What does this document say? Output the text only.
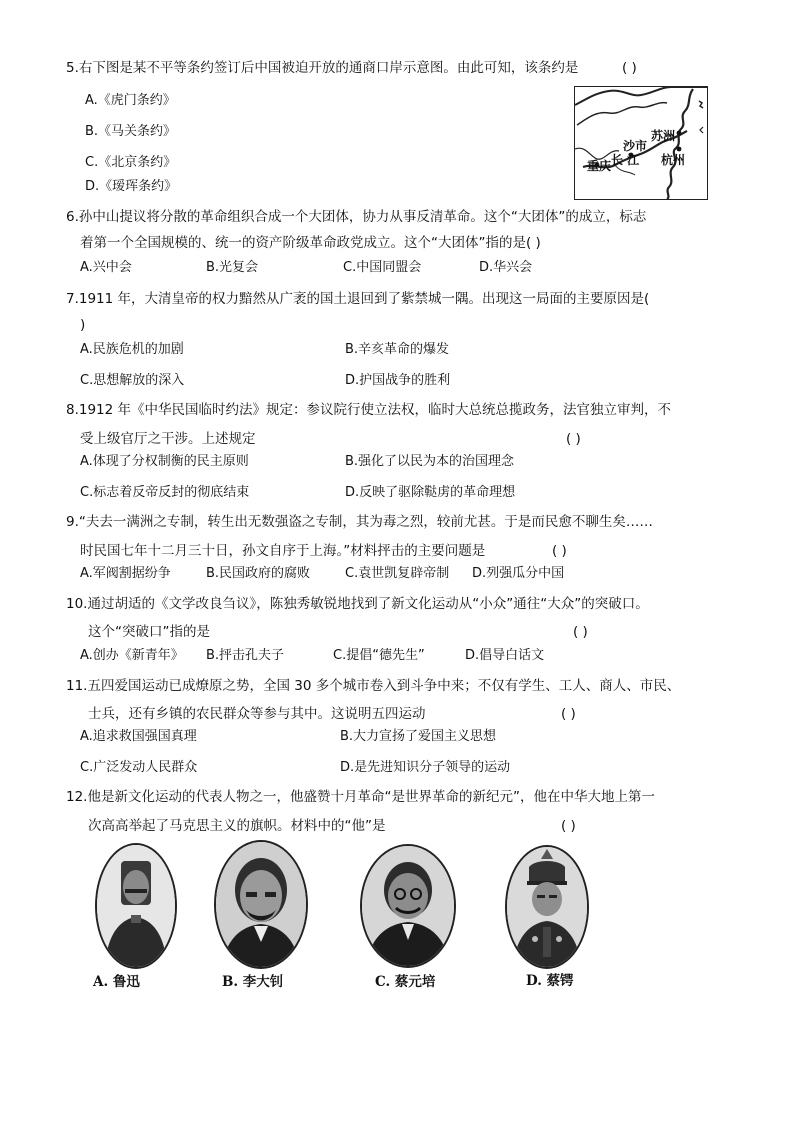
5.右下图是某不平等条约签订后中国被迫开放的通商口岸示意图。由此可知，该条约是	( )
A.《虎门条约》
B.《马关条约》
C.《北京条约》
D.《瑷珲条约》
苏洲
沙市
重庆 长 江 杭州
6.孙中山提议将分散的革命组织合成一个大团体，协力从事反清革命。这个“大团体”的成立，标志
着第一个全国规模的、统一的资产阶级革命政党成立。这个“大团体”指的是( )
A.兴中会	B.光复会	C.中国同盟会	D.华兴会
7.1911 年，大清皇帝的权力黯然从广袤的国土退回到了紫禁城一隅。出现这一局面的主要原因是(
)
A.民族危机的加剧	B.辛亥革命的爆发
C.思想解放的深入	D.护国战争的胜利
8.1912 年《中华民国临时约法》规定：参议院行使立法权，临时大总统总揽政务，法官独立审判，不
受上级官厅之干涉。上述规定	( )
A.体现了分权制衡的民主原则	B.强化了以民为本的治国理念
C.标志着反帝反封的彻底结束	D.反映了驱除鞑虏的革命理想
9.“夫去一满洲之专制，转生出无数强盗之专制，其为毒之烈，较前尤甚。于是而民愈不聊生矣……
时民国七年十二月三十日，孙文自序于上海。”材料抨击的主要问题是	( )
A.军阀割据纷争	B.民国政府的腐败	C.袁世凯复辟帝制 D.列强瓜分中国
10.通过胡适的《文学改良刍议》，陈独秀敏锐地找到了新文化运动从“小众”通往“大众”的突破口。
这个“突破口”指的是	( )
A.创办《新青年》 B.抨击孔夫子	C.提倡“德先生”	D.倡导白话文
11.五四爱国运动已成燎原之势，全国 30 多个城市卷入到斗争中来；不仅有学生、工人、商人、市民、
士兵，还有乡镇的农民群众等参与其中。这说明五四运动	( )
A.追求救国强国真理	B.大力宣扬了爱国主义思想
C.广泛发动人民群众	D.是先进知识分子领导的运动
12.他是新文化运动的代表人物之一，他盛赞十月革命“是世界革命的新纪元”，他在中华大地上第一
次高高举起了马克思主义的旗帜。材料中的“他”是	( )
A. 鲁迅	B. 李大钊	C. 蔡元培	D. 蔡锷
